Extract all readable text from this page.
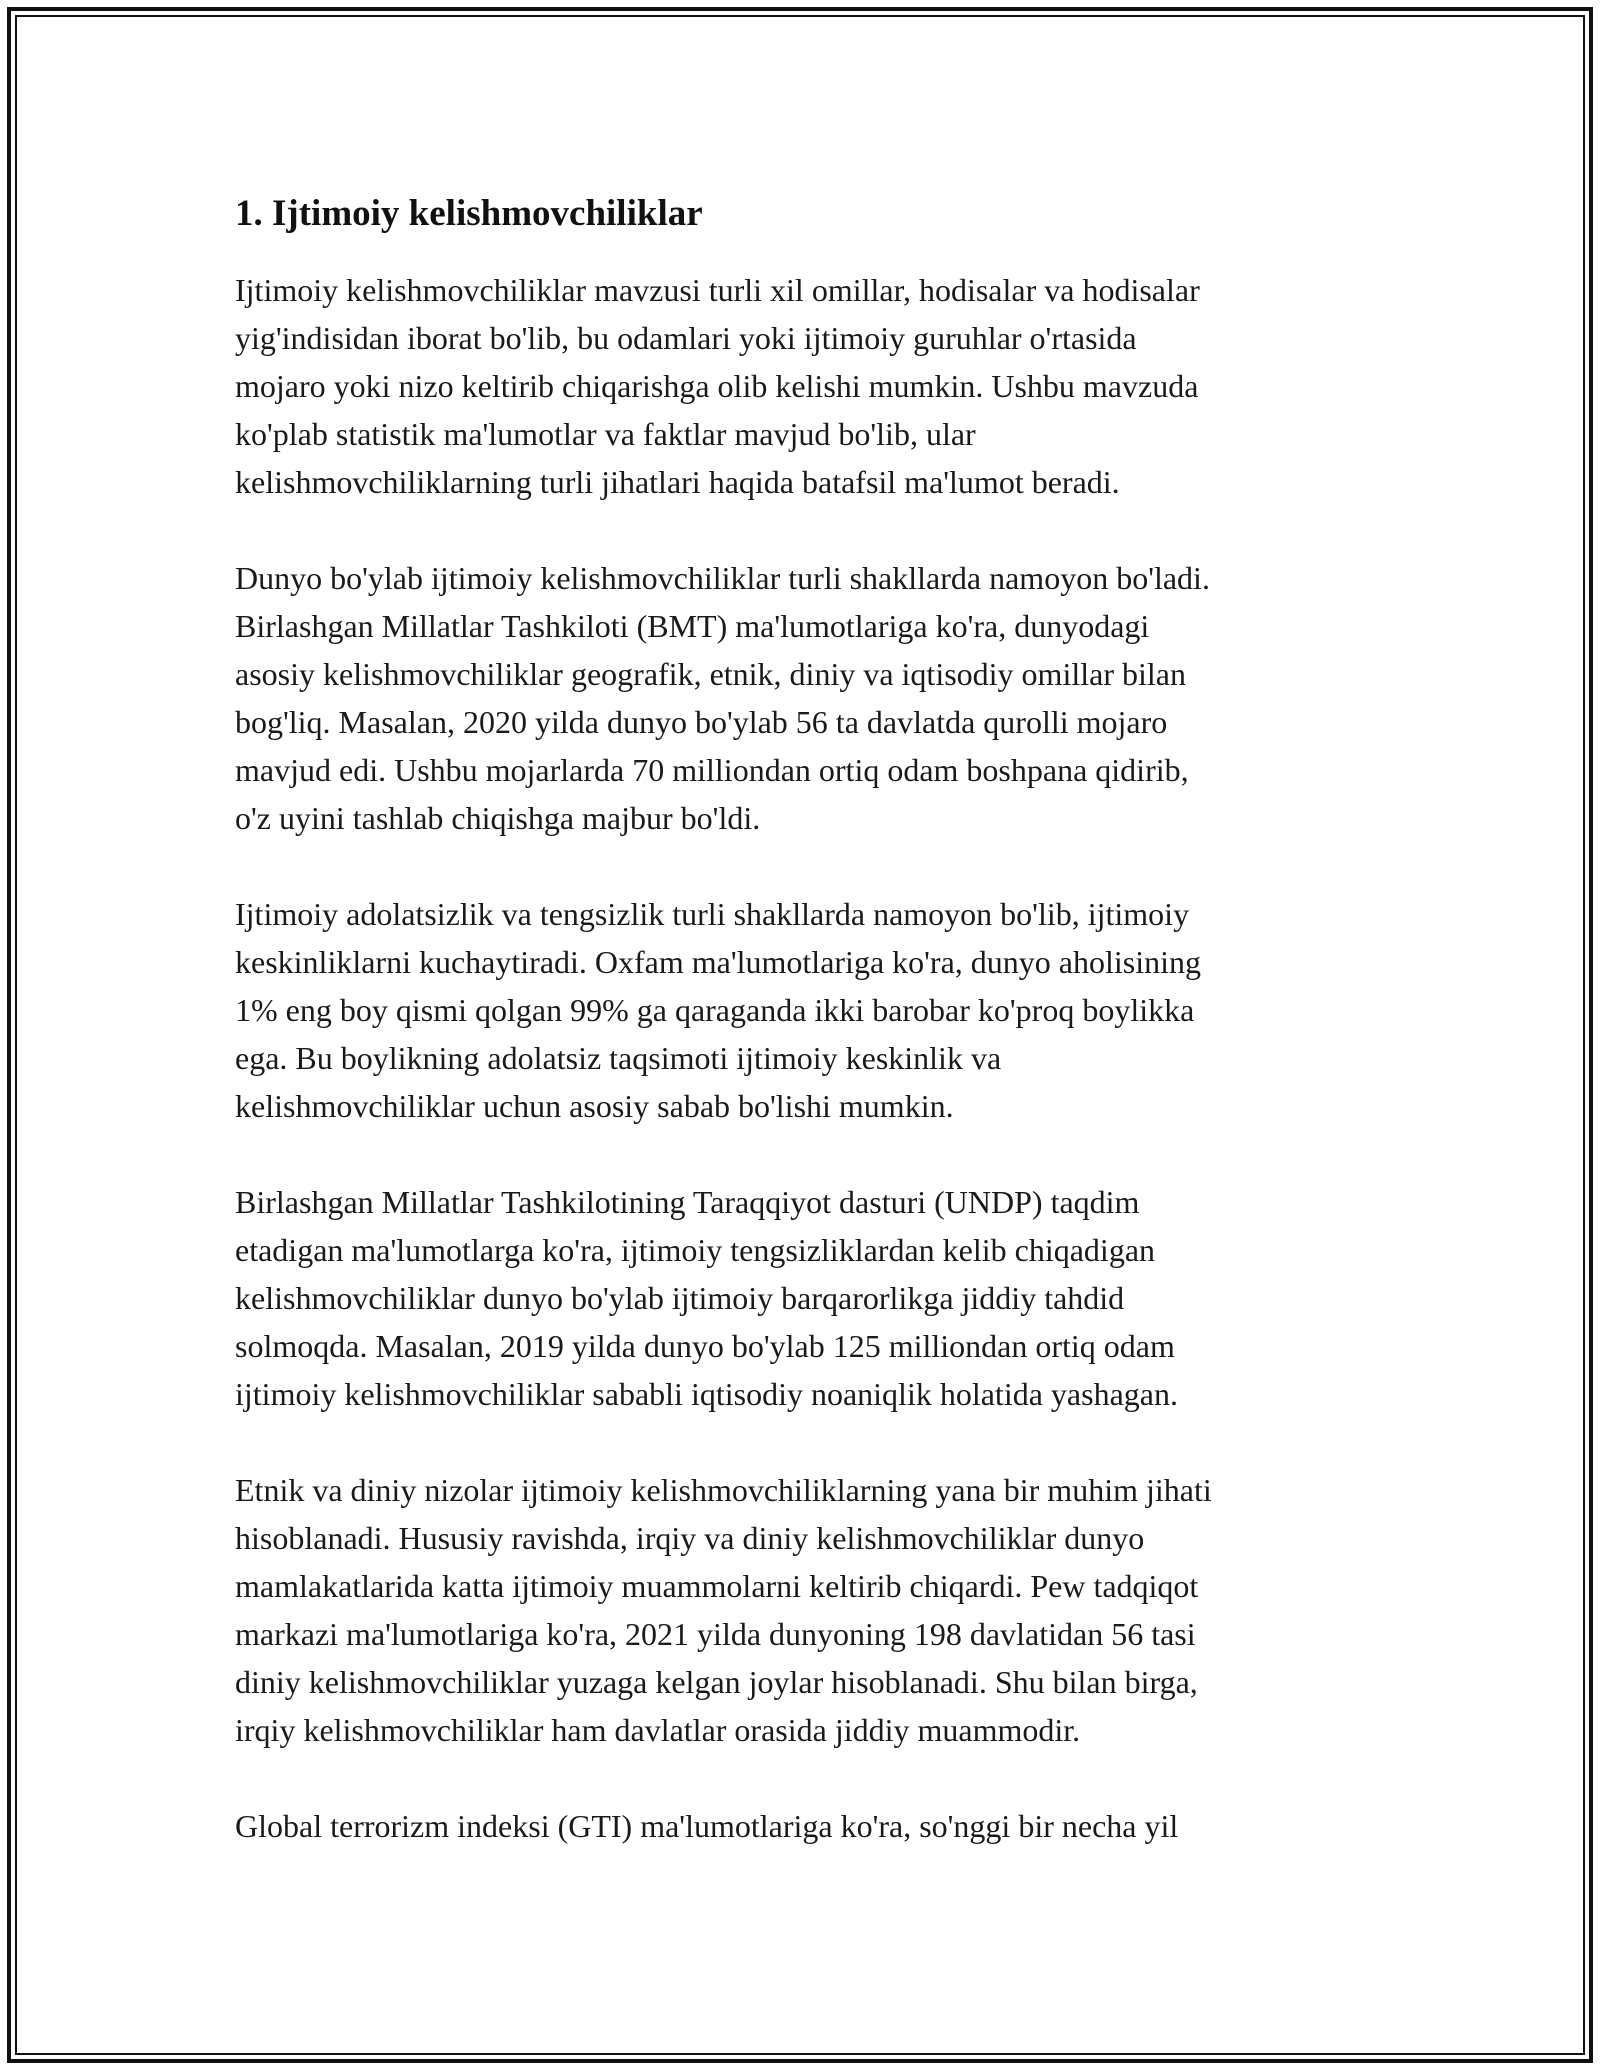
1. Ijtimoiy kelishmovchiliklar

Ijtimoiy kelishmovchiliklar mavzusi turli xil omillar, hodisalar va hodisalar
yig'indisidan iborat bo'lib, bu odamlari yoki ijtimoiy guruhlar o'rtasida
mojaro yoki nizo keltirib chiqarishga olib kelishi mumkin. Ushbu mavzuda
ko'plab statistik ma'lumotlar va faktlar mavjud bo'lib, ular
kelishmovchiliklarning turli jihatlari haqida batafsil ma'lumot beradi.

Dunyo bo'ylab ijtimoiy kelishmovchiliklar turli shakllarda namoyon bo'ladi.
Birlashgan Millatlar Tashkiloti (BMT) ma'lumotlariga ko'ra, dunyodagi
asosiy kelishmovchiliklar geografik, etnik, diniy va iqtisodiy omillar bilan
bog'liq. Masalan, 2020 yilda dunyo bo'ylab 56 ta davlatda qurolli mojaro
mavjud edi. Ushbu mojarlarda 70 milliondan ortiq odam boshpana qidirib,
o'z uyini tashlab chiqishga majbur bo'ldi.

Ijtimoiy adolatsizlik va tengsizlik turli shakllarda namoyon bo'lib, ijtimoiy
keskinliklarni kuchaytiradi. Oxfam ma'lumotlariga ko'ra, dunyo aholisining
1% eng boy qismi qolgan 99% ga qaraganda ikki barobar ko'proq boylikka
ega. Bu boylikning adolatsiz taqsimoti ijtimoiy keskinlik va
kelishmovchiliklar uchun asosiy sabab bo'lishi mumkin.

Birlashgan Millatlar Tashkilotining Taraqqiyot dasturi (UNDP) taqdim
etadigan ma'lumotlarga ko'ra, ijtimoiy tengsizliklardan kelib chiqadigan
kelishmovchiliklar dunyo bo'ylab ijtimoiy barqarorlikga jiddiy tahdid
solmoqda. Masalan, 2019 yilda dunyo bo'ylab 125 milliondan ortiq odam
ijtimoiy kelishmovchiliklar sababli iqtisodiy noaniqlik holatida yashagan.

Etnik va diniy nizolar ijtimoiy kelishmovchiliklarning yana bir muhim jihati
hisoblanadi. Hususiy ravishda, irqiy va diniy kelishmovchiliklar dunyo
mamlakatlarida katta ijtimoiy muammolarni keltirib chiqardi. Pew tadqiqot
markazi ma'lumotlariga ko'ra, 2021 yilda dunyoning 198 davlatidan 56 tasi
diniy kelishmovchiliklar yuzaga kelgan joylar hisoblanadi. Shu bilan birga,
irqiy kelishmovchiliklar ham davlatlar orasida jiddiy muammodir.

Global terrorizm indeksi (GTI) ma'lumotlariga ko'ra, so'nggi bir necha yil
